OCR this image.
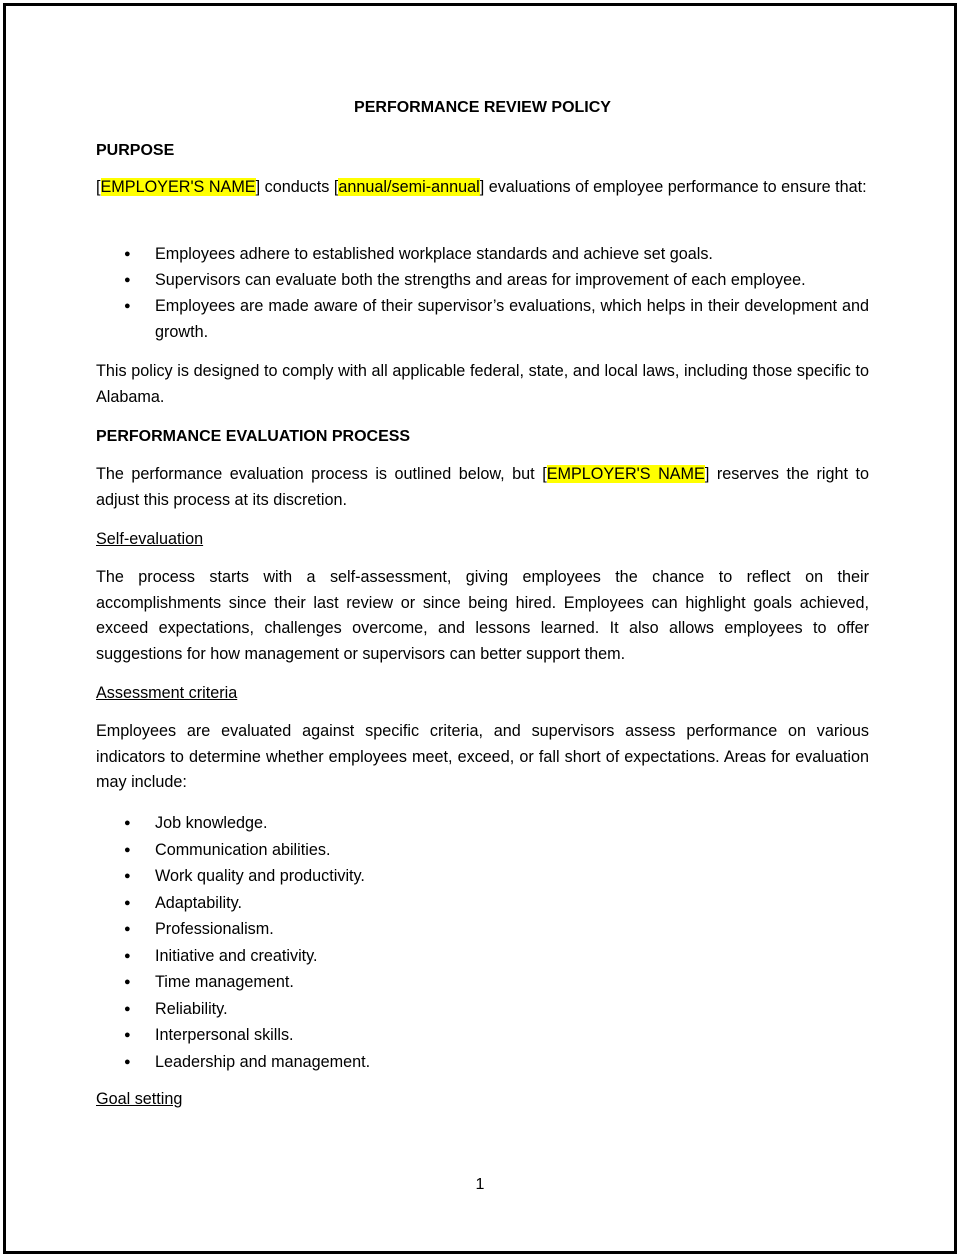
PERFORMANCE REVIEW POLICY
PURPOSE
[EMPLOYER'S NAME] conducts [annual/semi-annual] evaluations of employee performance to ensure that:
● Employees adhere to established workplace standards and achieve set goals.
● Supervisors can evaluate both the strengths and areas for improvement of each employee.
● Employees are made aware of their supervisor’s evaluations, which helps in their development and growth.
This policy is designed to comply with all applicable federal, state, and local laws, including those specific to Alabama.
PERFORMANCE EVALUATION PROCESS
The performance evaluation process is outlined below, but [EMPLOYER'S NAME] reserves the right to adjust this process at its discretion.
Self-evaluation
The process starts with a self-assessment, giving employees the chance to reflect on their accomplishments since their last review or since being hired. Employees can highlight goals achieved, exceed expectations, challenges overcome, and lessons learned. It also allows employees to offer suggestions for how management or supervisors can better support them.
Assessment criteria
Employees are evaluated against specific criteria, and supervisors assess performance on various indicators to determine whether employees meet, exceed, or fall short of expectations. Areas for evaluation may include:
● Job knowledge.
● Communication abilities.
● Work quality and productivity.
● Adaptability.
● Professionalism.
● Initiative and creativity.
● Time management.
● Reliability.
● Interpersonal skills.
● Leadership and management.
Goal setting
1
